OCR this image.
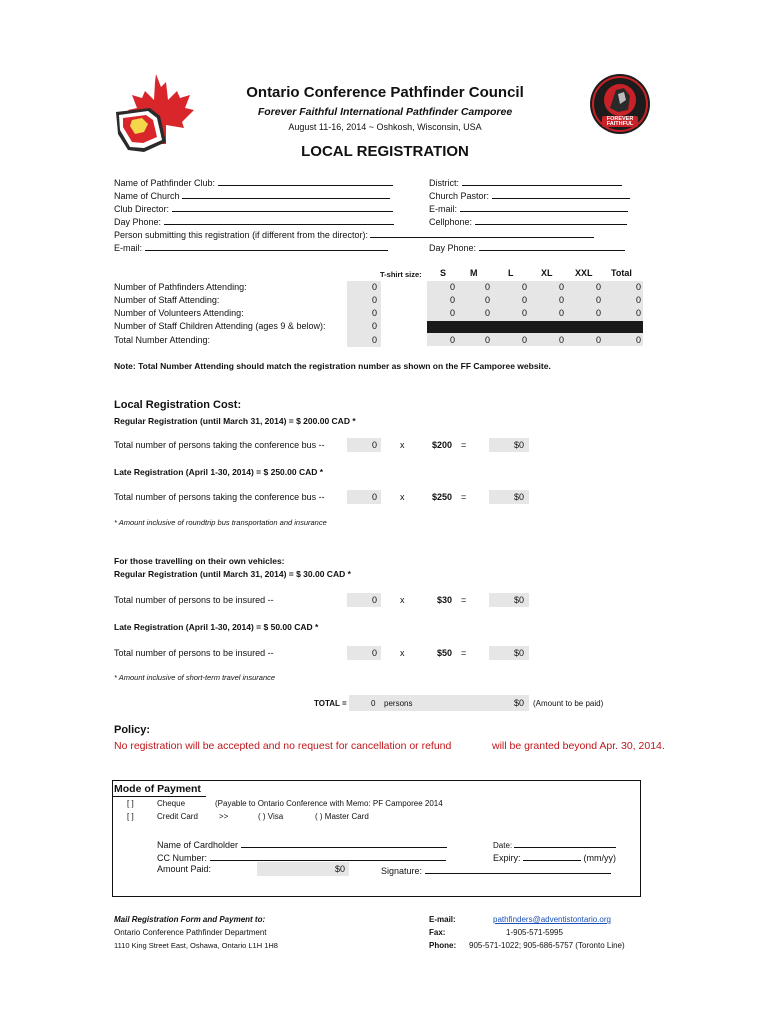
FOREVER FAITHFUL
Ontario Conference Pathfinder Council
Forever Faithful International Pathfinder Camporee
August 11-16, 2014 ~ Oshkosh, Wisconsin, USA
LOCAL REGISTRATION
Name of Pathfinder Club:
Name of Church
Club Director:
Day Phone:
Person submitting this registration (if different from the director):
E-mail:
District:
Church Pastor:
E-mail:
Cellphone:
Day Phone:
T-shirt size: S	M	L	XL XXL Total
Number of Pathfinders Attending:	0	0	0	0	0	0	0
Number of Staff Attending:	0	0	0	0	0	0	0
Number of Volunteers Attending:	0	0	0	0	0	0	0
Number of Staff Children Attending (ages 9 & below):	0
Total Number Attending:	0	0	0	0	0	0	0
Note: Total Number Attending should match the registration number as shown on the FF Camporee website.
Local Registration Cost:
Regular Registration (until March 31, 2014) = $ 200.00 CAD *
Total number of persons taking the conference bus --	0	x	$200 =	$0
Late Registration (April 1-30, 2014) = $ 250.00 CAD *
Total number of persons taking the conference bus --	0	x	$250 =	$0
* Amount inclusive of roundtrip bus transportation and insurance
For those travelling on their own vehicles:
Regular Registration (until March 31, 2014) = $ 30.00 CAD *
Total number of persons to be insured --	0	x	$30 =	$0
Late Registration (April 1-30, 2014) = $ 50.00 CAD *
Total number of persons to be insured --	0	x	$50 =	$0
* Amount inclusive of short-term travel insurance
TOTAL =	0 persons	$0 (Amount to be paid)
Policy:
No registration will be accepted and no request for cancellation or refund	will be granted beyond Apr. 30, 2014.
Mode of Payment
[ ]	Cheque	(Payable to Ontario Conference with Memo: PF Camporee 2014
[ ]	Credit Card	>>	( ) Visa	( ) Master Card
Name of Cardholder
CC Number:
Amount Paid:	$0
Date:
Expiry:	(mm/yy)
Signature:
Mail Registration Form and Payment to:
Ontario Conference Pathfinder Department
1110 King Street East, Oshawa, Ontario L1H 1H8
E-mail:	pathfinders@adventistontario.org
Fax:	1-905-571-5995
Phone: 905-571-1022; 905-686-5757 (Toronto Line)
